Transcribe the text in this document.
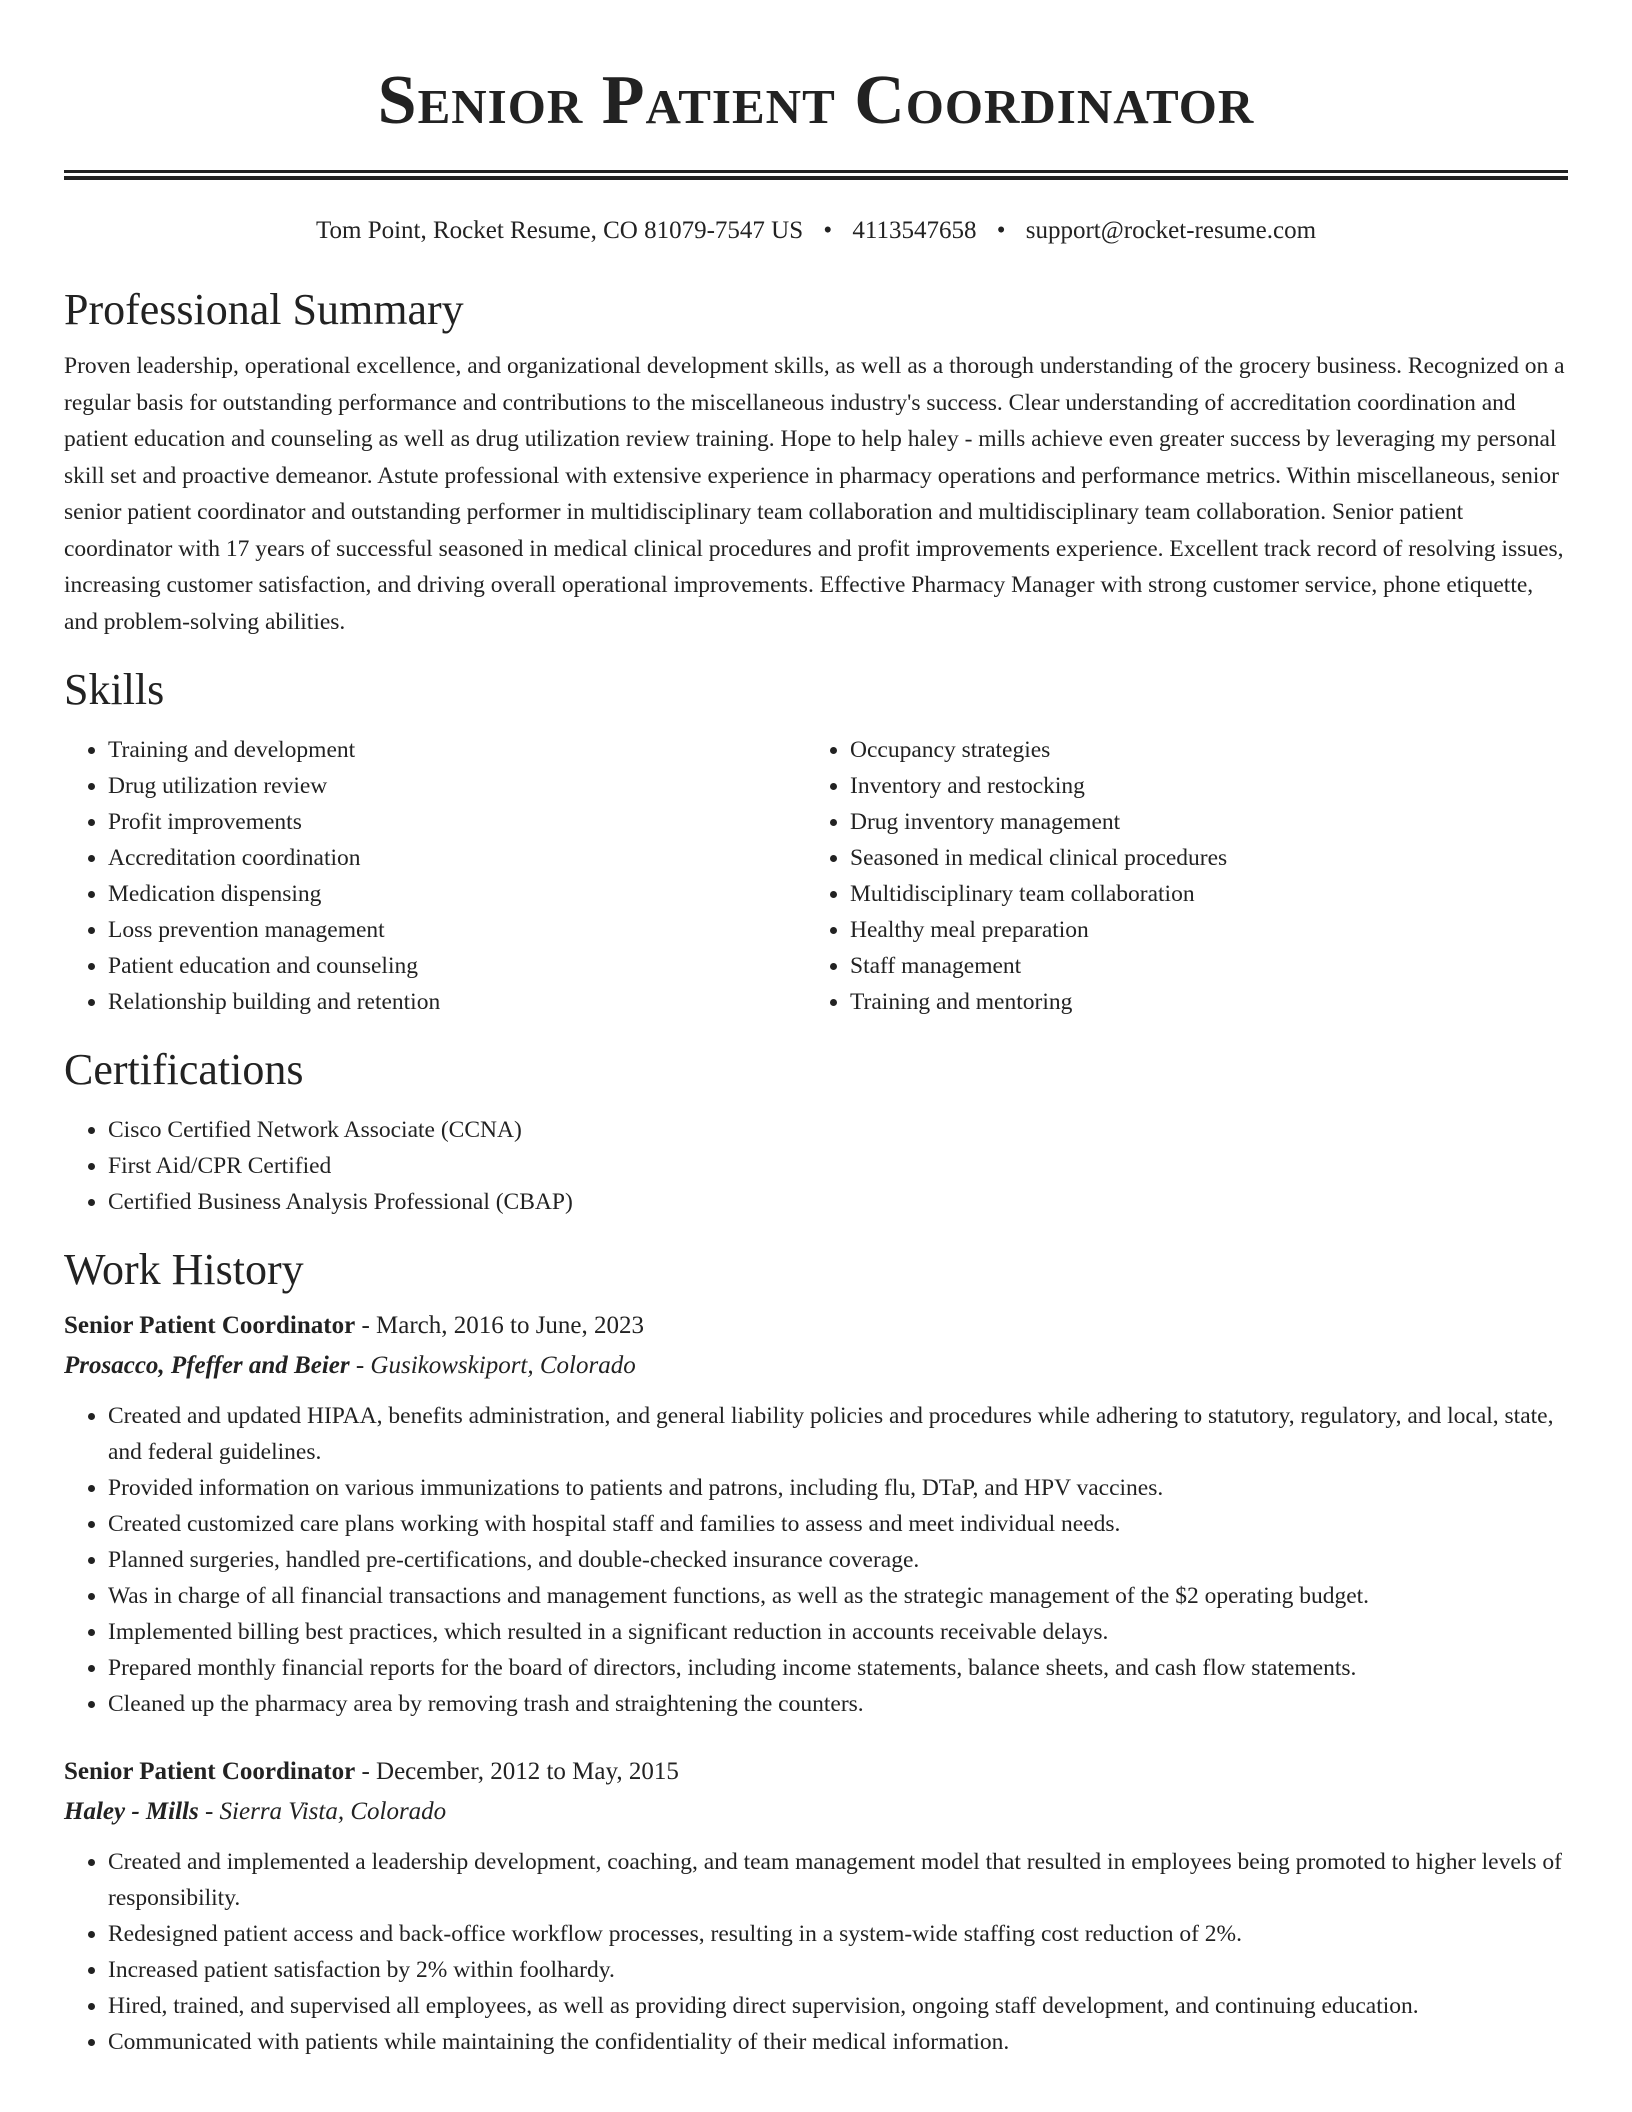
Senior Patient Coordinator
Tom Point, Rocket Resume, CO 81079-7547 US • 4113547658 • support@rocket-resume.com
Professional Summary

Proven leadership, operational excellence, and organizational development skills, as well as a thorough understanding of the grocery business. Recognized on a regular basis for outstanding performance and contributions to the miscellaneous industry's success. Clear understanding of accreditation coordination and patient education and counseling as well as drug utilization review training. Hope to help haley - mills achieve even greater success by leveraging my personal skill set and proactive demeanor. Astute professional with extensive experience in pharmacy operations and performance metrics. Within miscellaneous, senior senior patient coordinator and outstanding performer in multidisciplinary team collaboration and multidisciplinary team collaboration. Senior patient coordinator with 17 years of successful seasoned in medical clinical procedures and profit improvements experience. Excellent track record of resolving issues, increasing customer satisfaction, and driving overall operational improvements. Effective Pharmacy Manager with strong customer service, phone etiquette, and problem-solving abilities.

Skills
• Training and development
• Drug utilization review
• Profit improvements
• Accreditation coordination
• Medication dispensing
• Loss prevention management
• Patient education and counseling
• Relationship building and retention
• Occupancy strategies
• Inventory and restocking
• Drug inventory management
• Seasoned in medical clinical procedures
• Multidisciplinary team collaboration
• Healthy meal preparation
• Staff management
• Training and mentoring
Certifications
• Cisco Certified Network Associate (CCNA)
• First Aid/CPR Certified
• Certified Business Analysis Professional (CBAP)
Work History
Senior Patient Coordinator - March, 2016 to June, 2023
Prosacco, Pfeffer and Beier - Gusikowskiport, Colorado
• Created and updated HIPAA, benefits administration, and general liability policies and procedures while adhering to statutory, regulatory, and local, state, and federal guidelines.
• Provided information on various immunizations to patients and patrons, including flu, DTaP, and HPV vaccines.
• Created customized care plans working with hospital staff and families to assess and meet individual needs.
• Planned surgeries, handled pre-certifications, and double-checked insurance coverage.
• Was in charge of all financial transactions and management functions, as well as the strategic management of the $2 operating budget.
• Implemented billing best practices, which resulted in a significant reduction in accounts receivable delays.
• Prepared monthly financial reports for the board of directors, including income statements, balance sheets, and cash flow statements.
• Cleaned up the pharmacy area by removing trash and straightening the counters.
Senior Patient Coordinator - December, 2012 to May, 2015
Haley - Mills - Sierra Vista, Colorado
• Created and implemented a leadership development, coaching, and team management model that resulted in employees being promoted to higher levels of responsibility.
• Redesigned patient access and back-office workflow processes, resulting in a system-wide staffing cost reduction of 2%.
• Increased patient satisfaction by 2% within foolhardy.
• Hired, trained, and supervised all employees, as well as providing direct supervision, ongoing staff development, and continuing education.
• Communicated with patients while maintaining the confidentiality of their medical information.
